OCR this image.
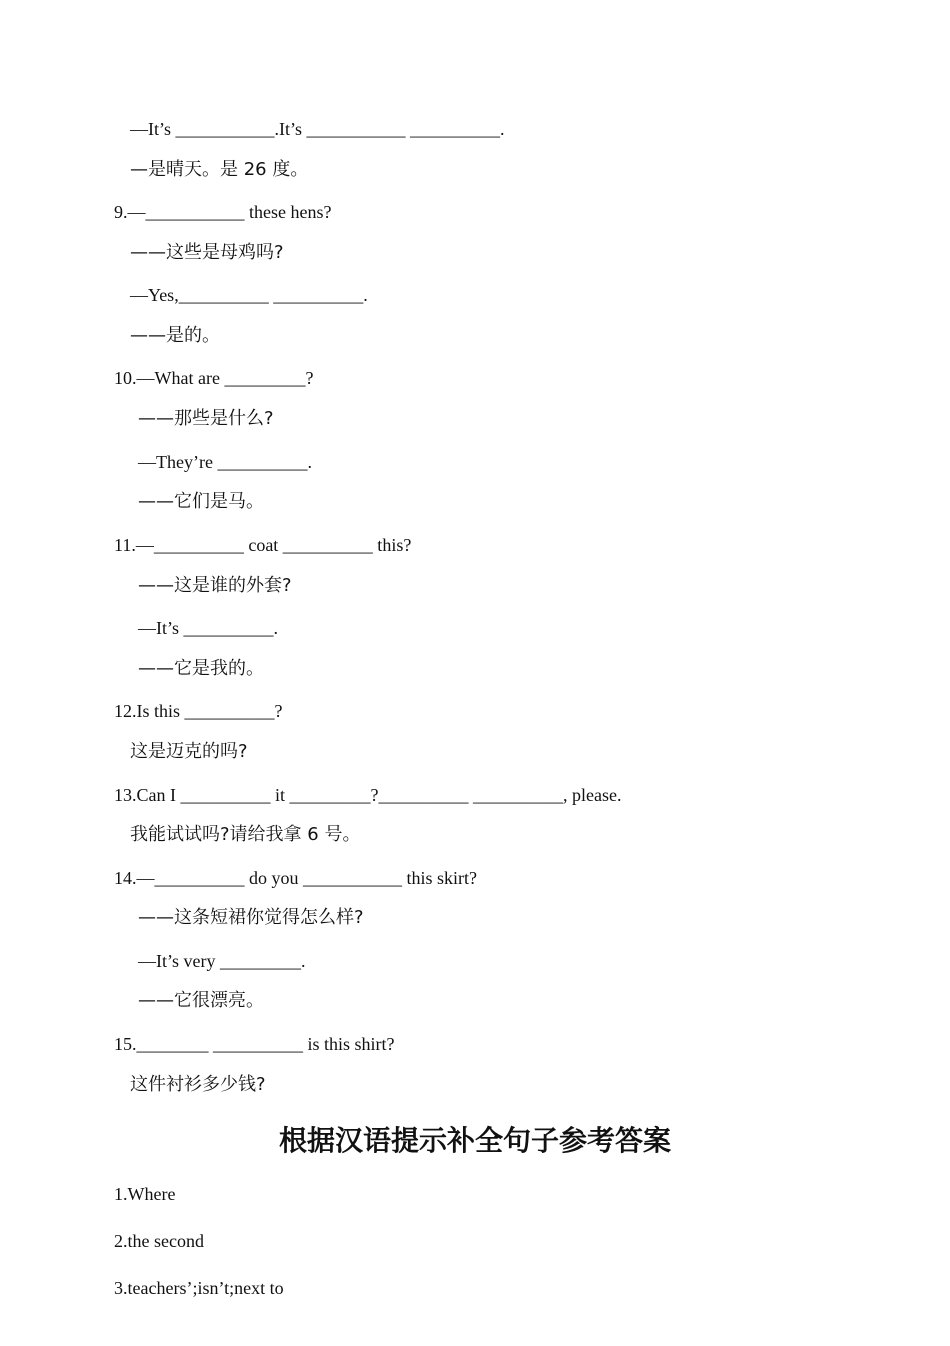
—It’s ___________.It’s ___________ __________.
—是晴天。是 26 度。
9.—___________ these hens?
——这些是母鸡吗?
—Yes,__________ __________.
——是的。
10.—What are _________?
——那些是什么?
—They’re __________.
——它们是马。
11.—__________ coat __________ this?
——这是谁的外套?
—It’s __________.
——它是我的。
12.Is this __________?
这是迈克的吗?
13.Can I __________ it _________?__________ __________, please.
我能试试吗?请给我拿 6 号。
14.—__________ do you ___________ this skirt?
——这条短裙你觉得怎么样?
—It’s very _________.
——它很漂亮。
15.________ __________ is this shirt?
这件衬衫多少钱?
根据汉语提示补全句子参考答案
1.Where
2.the second
3.teachers’;isn’t;next to
